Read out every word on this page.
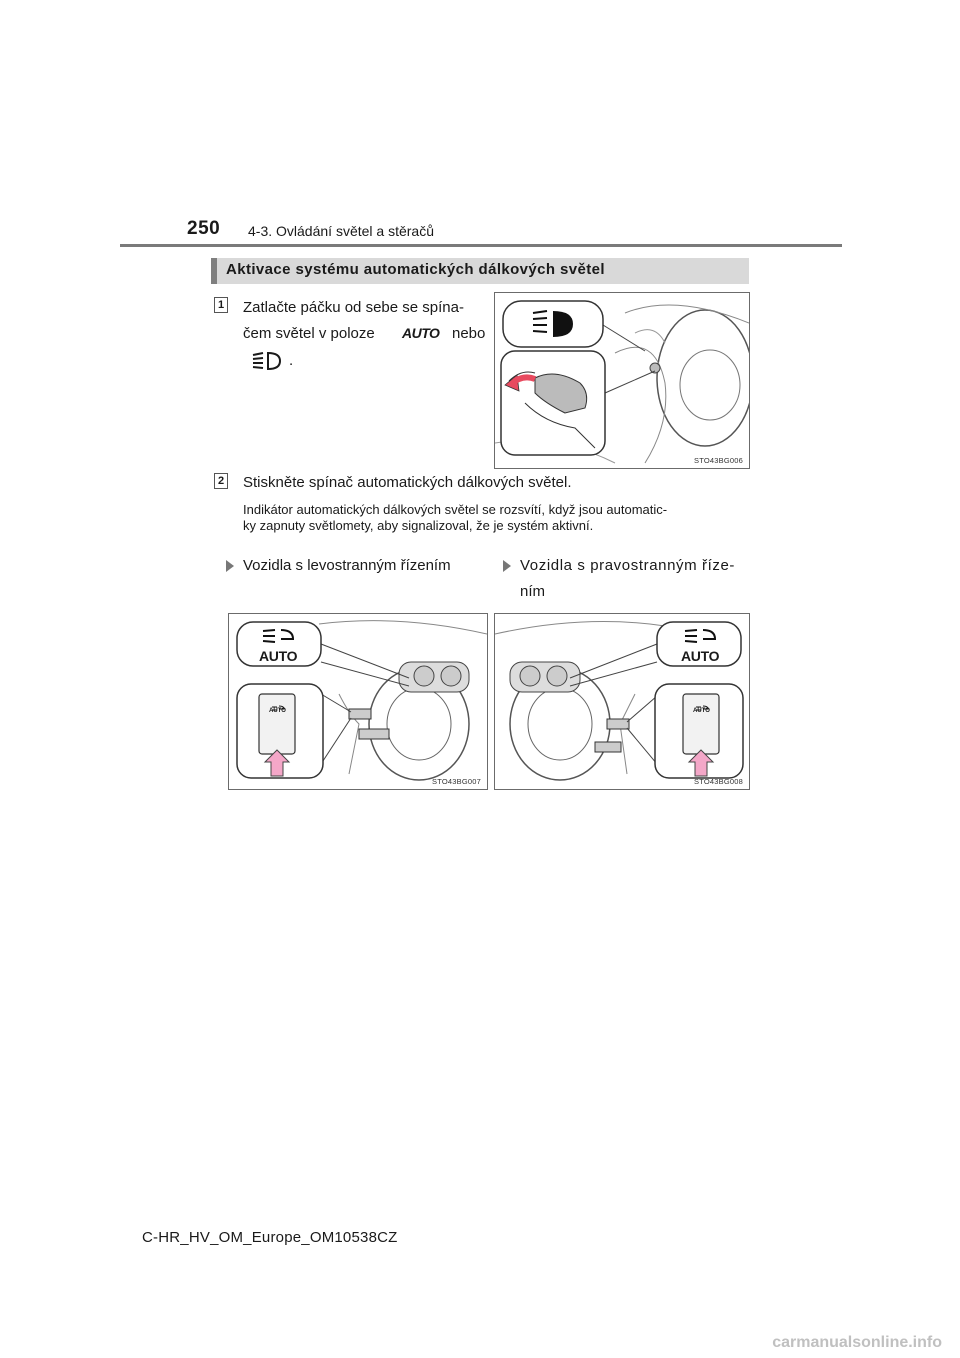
250 4-3. Ovládání světel a stěračů
Aktivace systému automatických dálkových světel
1 Zatlačte páčku od sebe se spína-
čem světel v poloze AUTO nebo
.
STO43BG006
2 Stiskněte spínač automatických dálkových světel.
Indikátor automatických dálkových světel se rozsvítí, když jsou automatic-
ky zapnuty světlomety, aby signalizoval, že je systém aktivní.
Vozidla s levostranným řízením	Vozidla s pravostranným říze-
ním
AUTO
AUTO
STO43BG007
AUTO
AUTO
STO43BG008
C-HR_HV_OM_Europe_OM10538CZ
carmanualsonline.info
